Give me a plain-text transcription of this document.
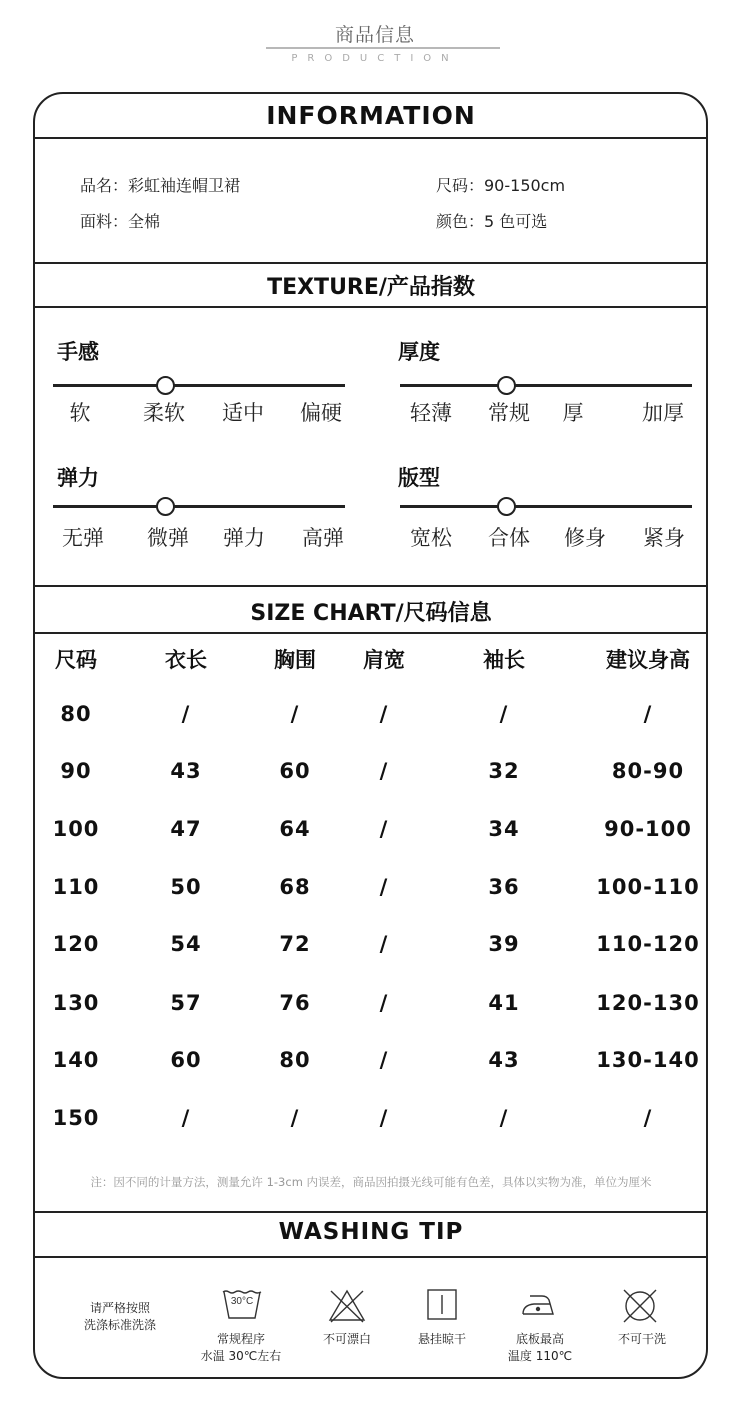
商品信息
PRODUCTION
INFORMATION
品名：彩虹袖连帽卫裙	尺码：90-150cm
面料：全棉	颜色：5 色可选
TEXTURE/产品指数
手感
软	柔软	适中	偏硬
厚度
轻薄	常规	厚	加厚
弹力
无弹	微弹	弹力	高弹
版型
宽松	合体	修身	紧身
SIZE CHART/尺码信息
尺码	衣长	胸围	肩宽	袖长	建议身高
80	/	/	/	/	/
90	43	60	/	32	80-90
100	47	64	/	34	90-100
110	50	68	/	36	100-110
120	54	72	/	39	110-120
130	57	76	/	41	120-130
140	60	80	/	43	130-140
150	/	/	/	/	/
注：因不同的计量方法，测量允许 1-3cm 内误差，商品因拍摄光线可能有色差，具体以实物为准，单位为厘米
WASHING TIP
请严格按照
洗涤标准洗涤
30°C
常规程序
水温 30℃左右
不可漂白	悬挂晾干	底板最高
温度 110℃
不可干洗
